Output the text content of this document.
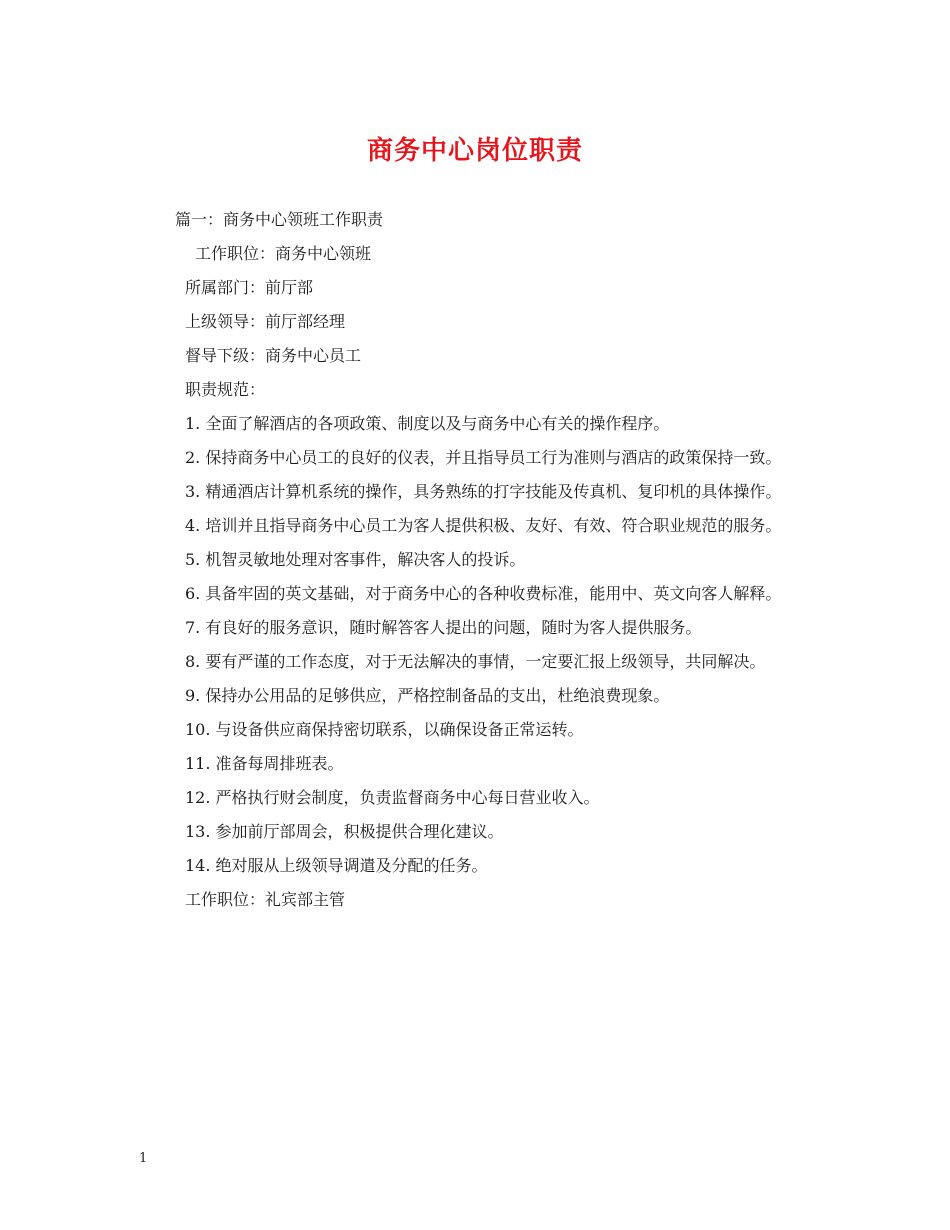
商务中心岗位职责

篇一：商务中心领班工作职责

工作职位：商务中心领班

所属部门：前厅部

上级领导：前厅部经理

督导下级：商务中心员工

职责规范：

1. 全面了解酒店的各项政策、制度以及与商务中心有关的操作程序。

2. 保持商务中心员工的良好的仪表，并且指导员工行为准则与酒店的政策保持一致。

3. 精通酒店计算机系统的操作，具务熟练的打字技能及传真机、复印机的具体操作。

4. 培训并且指导商务中心员工为客人提供积极、友好、有效、符合职业规范的服务。

5. 机智灵敏地处理对客事件，解决客人的投诉。

6. 具备牢固的英文基础，对于商务中心的各种收费标准，能用中、英文向客人解释。

7. 有良好的服务意识，随时解答客人提出的问题，随时为客人提供服务。

8. 要有严谨的工作态度，对于无法解决的事情，一定要汇报上级领导，共同解决。

9. 保持办公用品的足够供应，严格控制备品的支出，杜绝浪费现象。

10. 与设备供应商保持密切联系，以确保设备正常运转。

11. 准备每周排班表。

12. 严格执行财会制度，负责监督商务中心每日营业收入。

13. 参加前厅部周会，积极提供合理化建议。

14. 绝对服从上级领导调遣及分配的任务。

工作职位：礼宾部主管

1
